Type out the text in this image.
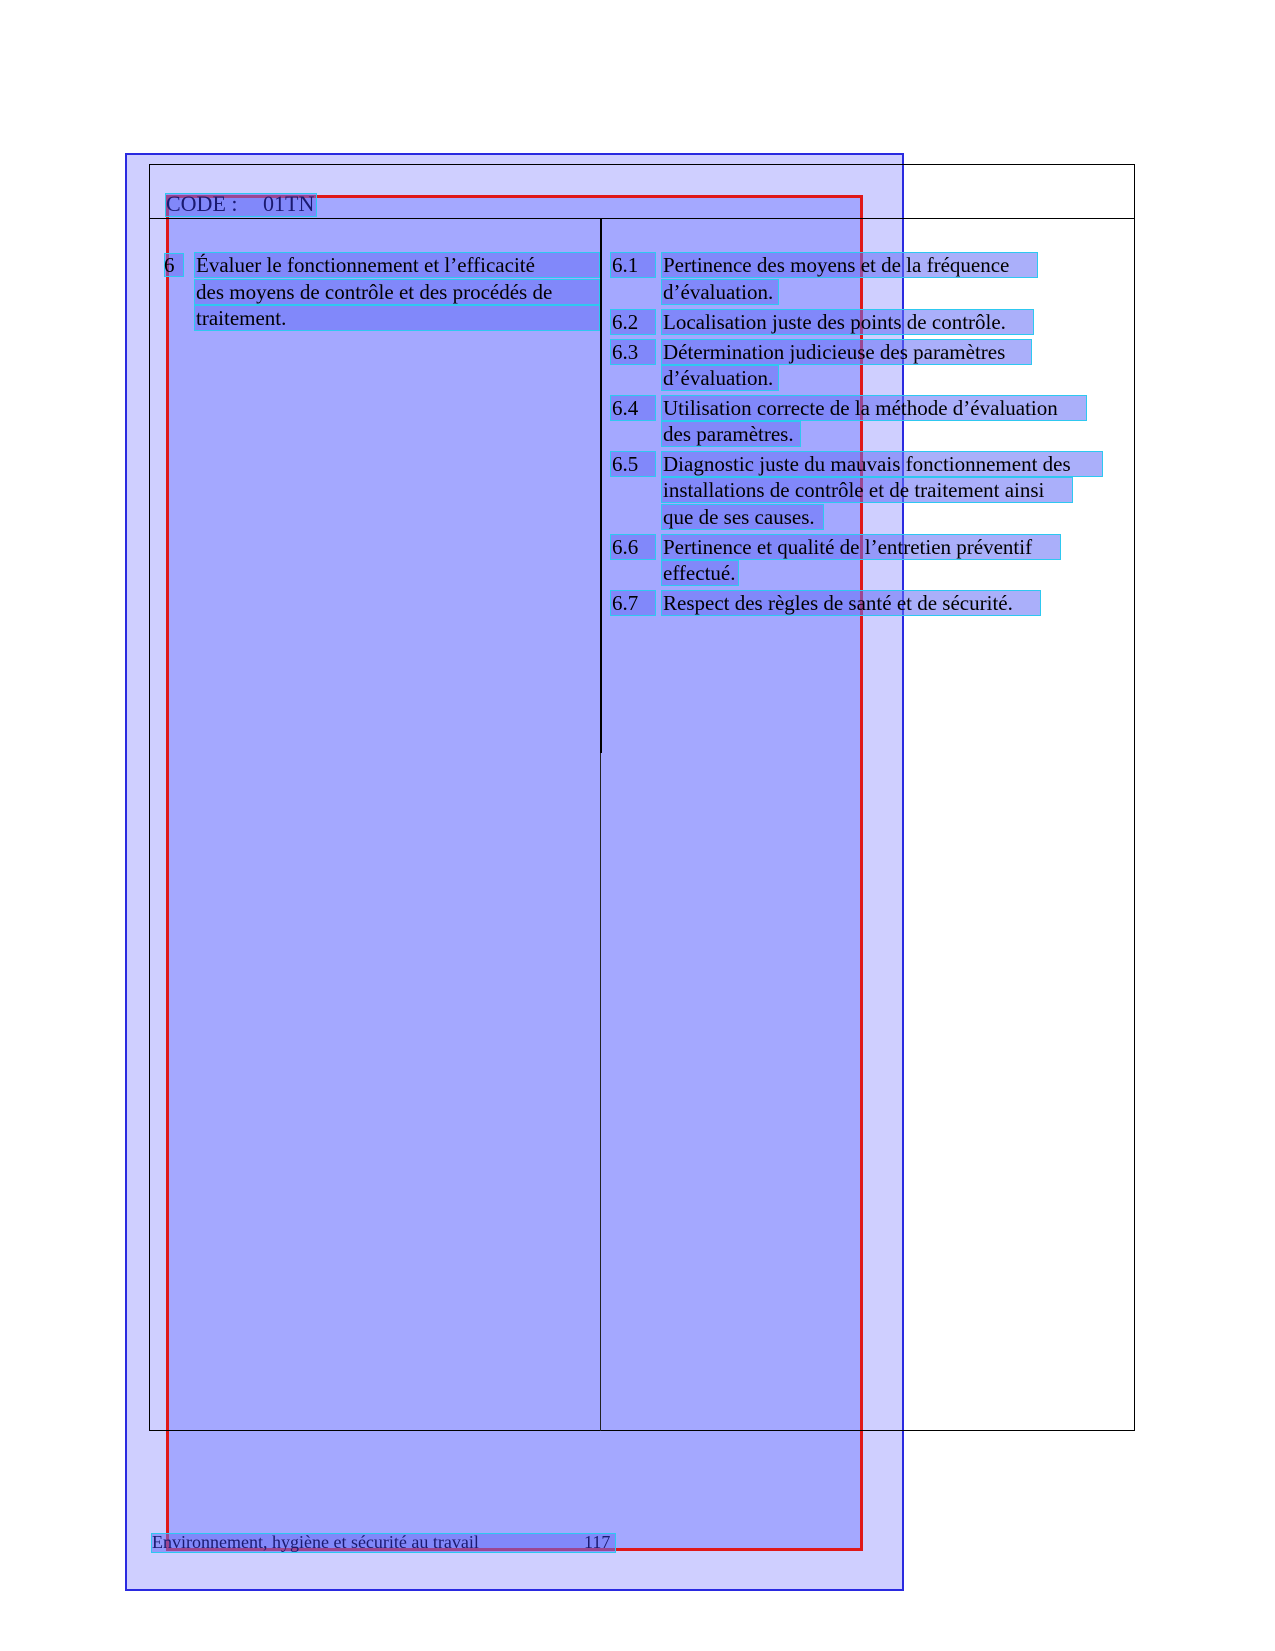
CODE : 01TN
6 Évaluer le fonctionnement et l’efficacité
des moyens de contrôle et des procédés de
traitement.
6.1	Pertinence des moyens et de la fréquence
d’évaluation.
6.2	Localisation juste des points de contrôle.
6.3	Détermination judicieuse des paramètres
d’évaluation.
6.4	Utilisation correcte de la méthode d’évaluation
des paramètres.
6.5	Diagnostic juste du mauvais fonctionnement des
installations de contrôle et de traitement ainsi
que de ses causes.
6.6	Pertinence et qualité de l’entretien préventif
effectué.
6.7	Respect des règles de santé et de sécurité.
Environnement, hygiène et sécurité au travail	117
